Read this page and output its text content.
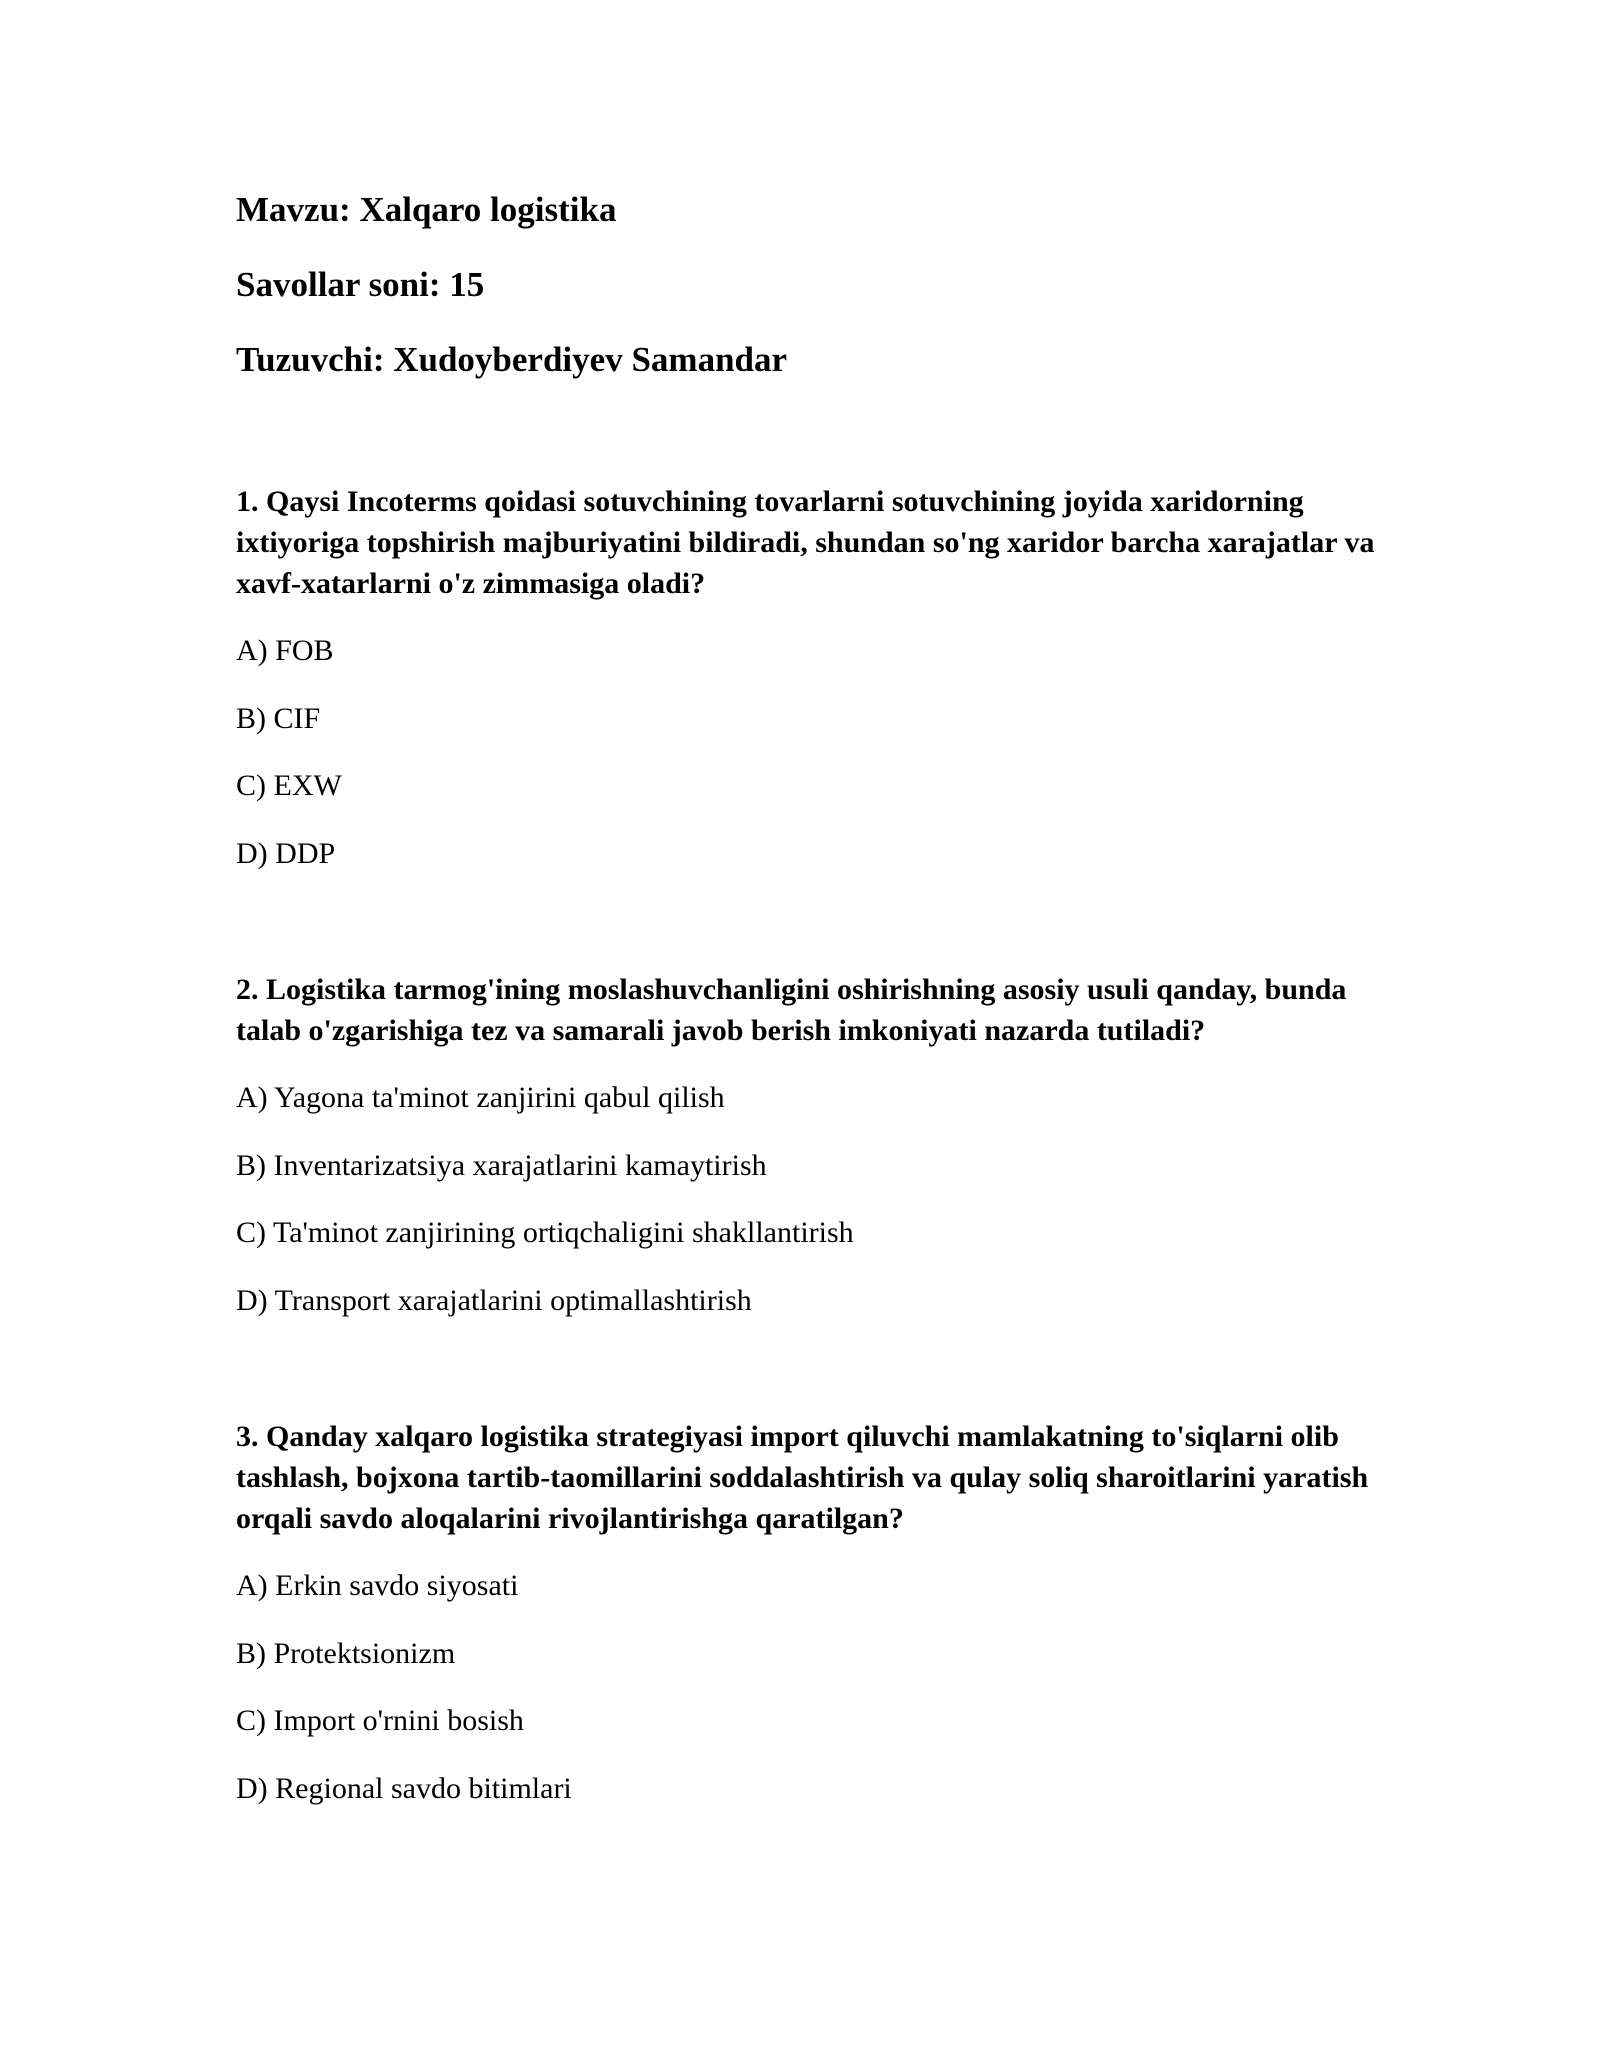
Mavzu: Xalqaro logistika
Savollar soni: 15
Tuzuvchi: Xudoyberdiyev Samandar
1. Qaysi Incoterms qoidasi sotuvchining tovarlarni sotuvchining joyida xaridorning ixtiyoriga topshirish majburiyatini bildiradi, shundan so'ng xaridor barcha xarajatlar va xavf-xatarlarni o'z zimmasiga oladi?
A) FOB
B) CIF
C) EXW
D) DDP
2. Logistika tarmog'ining moslashuvchanligini oshirishning asosiy usuli qanday, bunda talab o'zgarishiga tez va samarali javob berish imkoniyati nazarda tutiladi?
A) Yagona ta'minot zanjirini qabul qilish
B) Inventarizatsiya xarajatlarini kamaytirish
C) Ta'minot zanjirining ortiqchaligini shakllantirish
D) Transport xarajatlarini optimallashtirish
3. Qanday xalqaro logistika strategiyasi import qiluvchi mamlakatning to'siqlarni olib tashlash, bojxona tartib-taomillarini soddalashtirish va qulay soliq sharoitlarini yaratish orqali savdo aloqalarini rivojlantirishga qaratilgan?
A) Erkin savdo siyosati
B) Protektsionizm
C) Import o'rnini bosish
D) Regional savdo bitimlari
